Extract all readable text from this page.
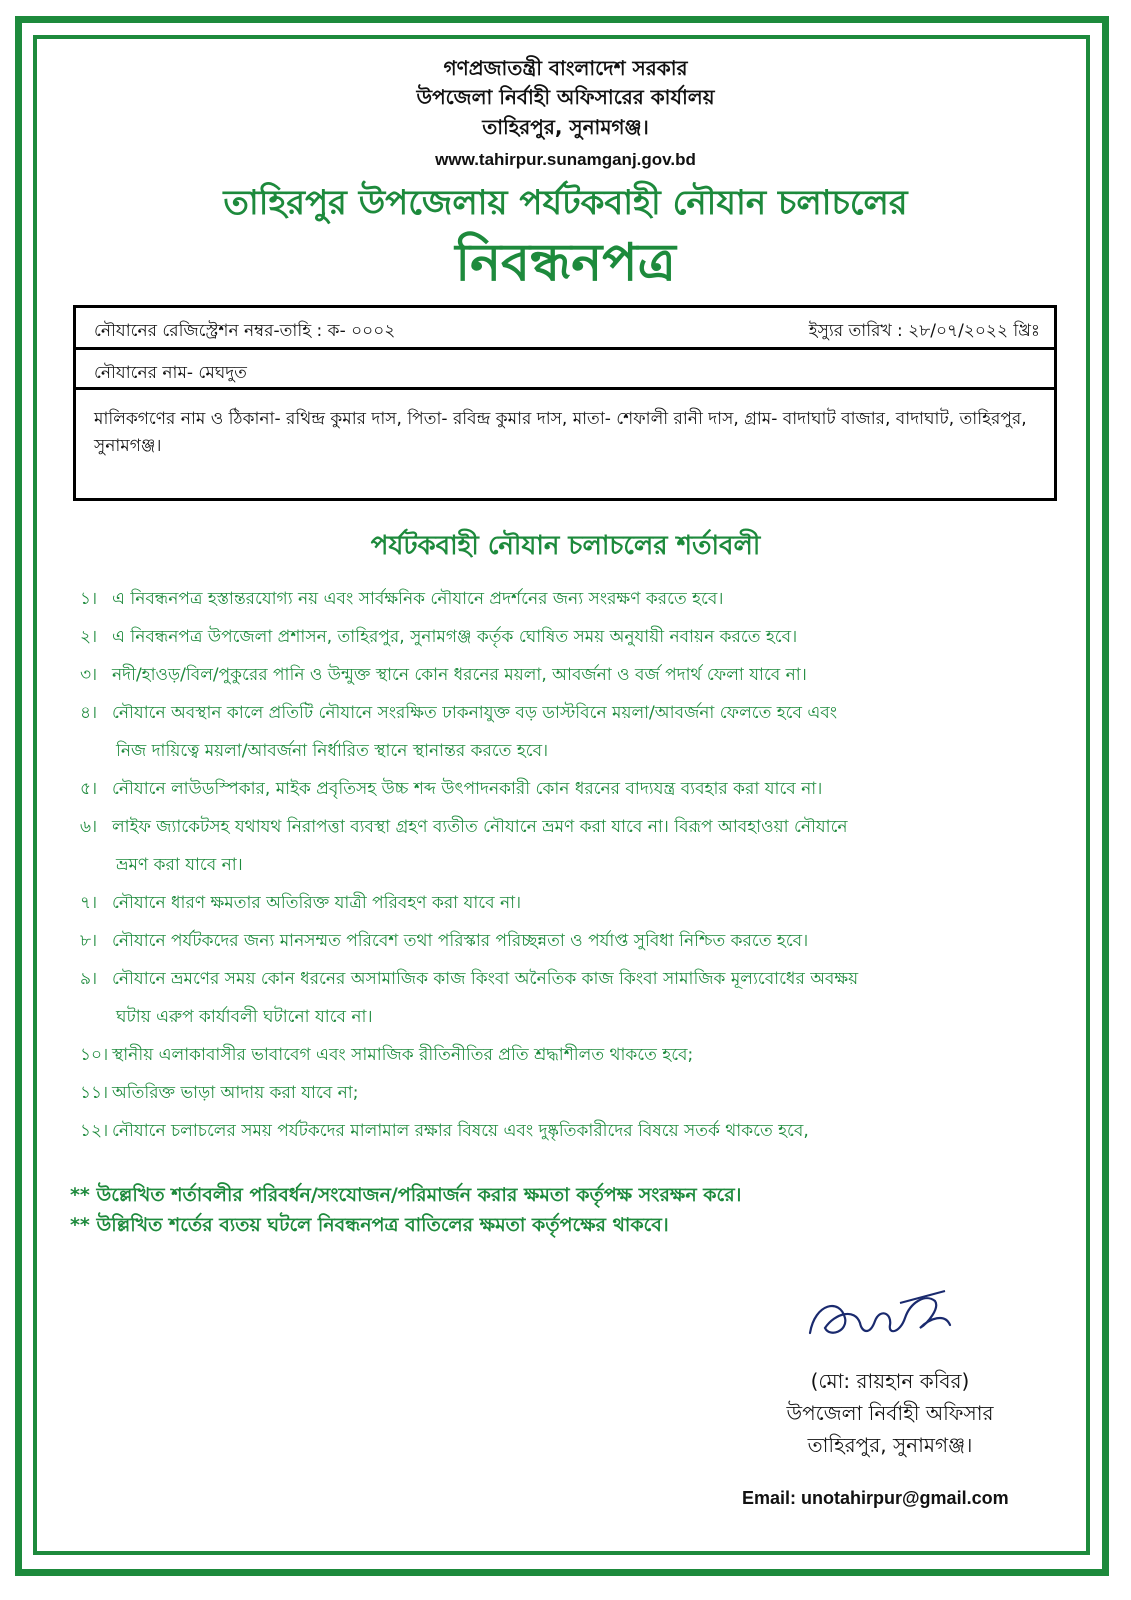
গণপ্রজাতন্ত্রী বাংলাদেশ সরকার
উপজেলা নির্বাহী অফিসারের কার্যালয়
তাহিরপুর, সুনামগঞ্জ।
www.tahirpur.sunamganj.gov.bd
তাহিরপুর উপজেলায় পর্যটকবাহী নৌযান চলাচলের
নিবন্ধনপত্র
নৌযানের রেজিস্ট্রেশন নম্বর-তাহি : ক- ০০০২	ইস্যুর তারিখ : ২৮/০৭/২০২২ খ্রিঃ
নৌযানের নাম- মেঘদুত
মালিকগণের নাম ও ঠিকানা- রথিন্দ্র কুমার দাস, পিতা- রবিন্দ্র কুমার দাস, মাতা- শেফালী রানী দাস, গ্রাম- বাদাঘাট বাজার, বাদাঘাট, তাহিরপুর, সুনামগঞ্জ।
পর্যটকবাহী নৌযান চলাচলের শর্তাবলী
১। এ নিবন্ধনপত্র হস্তান্তরযোগ্য নয় এবং সার্বক্ষনিক নৌযানে প্রদর্শনের জন্য সংরক্ষণ করতে হবে।
২। এ নিবন্ধনপত্র উপজেলা প্রশাসন, তাহিরপুর, সুনামগঞ্জ কর্তৃক ঘোষিত সময় অনুযায়ী নবায়ন করতে হবে।
৩। নদী/হাওড়/বিল/পুকুরের পানি ও উন্মুক্ত স্থানে কোন ধরনের ময়লা, আবর্জনা ও বর্জ পদার্থ ফেলা যাবে না।
৪। নৌযানে অবস্থান কালে প্রতিটি নৌযানে সংরক্ষিত ঢাকনাযুক্ত বড় ডাস্টবিনে ময়লা/আবর্জনা ফেলতে হবে এবং
নিজ দায়িত্বে ময়লা/আবর্জনা নির্ধারিত স্থানে স্থানান্তর করতে হবে।
৫। নৌযানে লাউডস্পিকার, মাইক প্রবৃতিসহ উচ্চ শব্দ উৎপাদনকারী কোন ধরনের বাদ্যযন্ত্র ব্যবহার করা যাবে না।
৬। লাইফ জ্যাকেটসহ যথাযথ নিরাপত্তা ব্যবস্থা গ্রহণ ব্যতীত নৌযানে ভ্রমণ করা যাবে না। বিরূপ আবহাওয়া নৌযানে
ভ্রমণ করা যাবে না।
৭। নৌযানে ধারণ ক্ষমতার অতিরিক্ত যাত্রী পরিবহণ করা যাবে না।
৮। নৌযানে পর্যটকদের জন্য মানসম্মত পরিবেশ তথা পরিস্কার পরিচ্ছন্নতা ও পর্যাপ্ত সুবিধা নিশ্চিত করতে হবে।
৯। নৌযানে ভ্রমণের সময় কোন ধরনের অসামাজিক কাজ কিংবা অনৈতিক কাজ কিংবা সামাজিক মূল্যবোধের অবক্ষয়
ঘটায় এরুপ কার্যাবলী ঘটানো যাবে না।
১০। স্থানীয় এলাকাবাসীর ভাবাবেগ এবং সামাজিক রীতিনীতির প্রতি শ্রদ্ধাশীলত থাকতে হবে;
১১। অতিরিক্ত ভাড়া আদায় করা যাবে না;
১২। নৌযানে চলাচলের সময় পর্যটকদের মালামাল রক্ষার বিষয়ে এবং দুষ্কৃতিকারীদের বিষয়ে সতর্ক থাকতে হবে,
** উল্লেখিত শর্তাবলীর পরিবর্ধন/সংযোজন/পরিমার্জন করার ক্ষমতা কর্তৃপক্ষ সংরক্ষন করে।
** উল্লিখিত শর্তের ব্যতয় ঘটলে নিবন্ধনপত্র বাতিলের ক্ষমতা কর্তৃপক্ষের থাকবে।
(মো: রায়হান কবির)
উপজেলা নির্বাহী অফিসার
তাহিরপুর, সুনামগঞ্জ।
Email: unotahirpur@gmail.com
